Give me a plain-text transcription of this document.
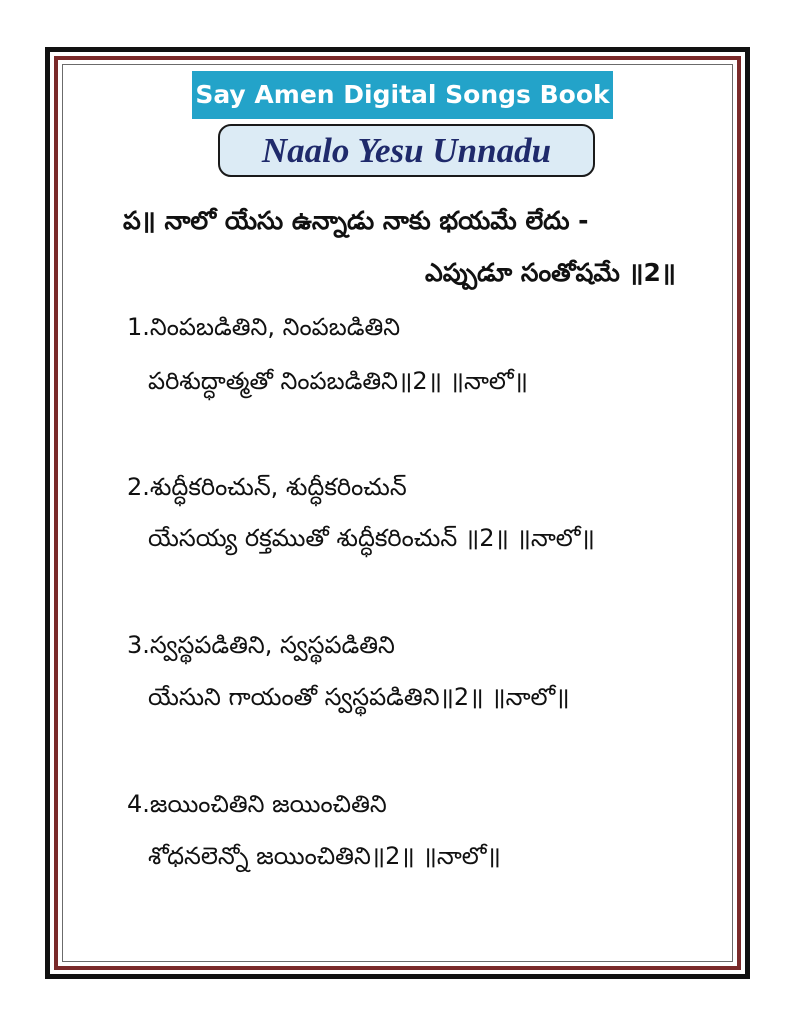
Say Amen Digital Songs Book
Naalo Yesu Unnadu
ప॥ నాలో యేసు ఉన్నాడు నాకు భయమే లేదు -
ఎప్పుడూ సంతోషమే ॥2॥
1.నింపబడితిని, నింపబడితిని
పరిశుద్ధాత్మతో నింపబడితిని॥2॥ ॥నాలో॥
2.శుద్ధీకరించున్, శుద్ధీకరించున్
యేసయ్య రక్తముతో శుద్ధీకరించున్ ॥2॥ ॥నాలో॥
3.స్వస్థపడితిని, స్వస్థపడితిని
యేసుని గాయంతో స్వస్థపడితిని॥2॥ ॥నాలో॥
4.జయించితిని జయించితిని
శోధనలెన్నో జయించితిని॥2॥ ॥నాలో॥
